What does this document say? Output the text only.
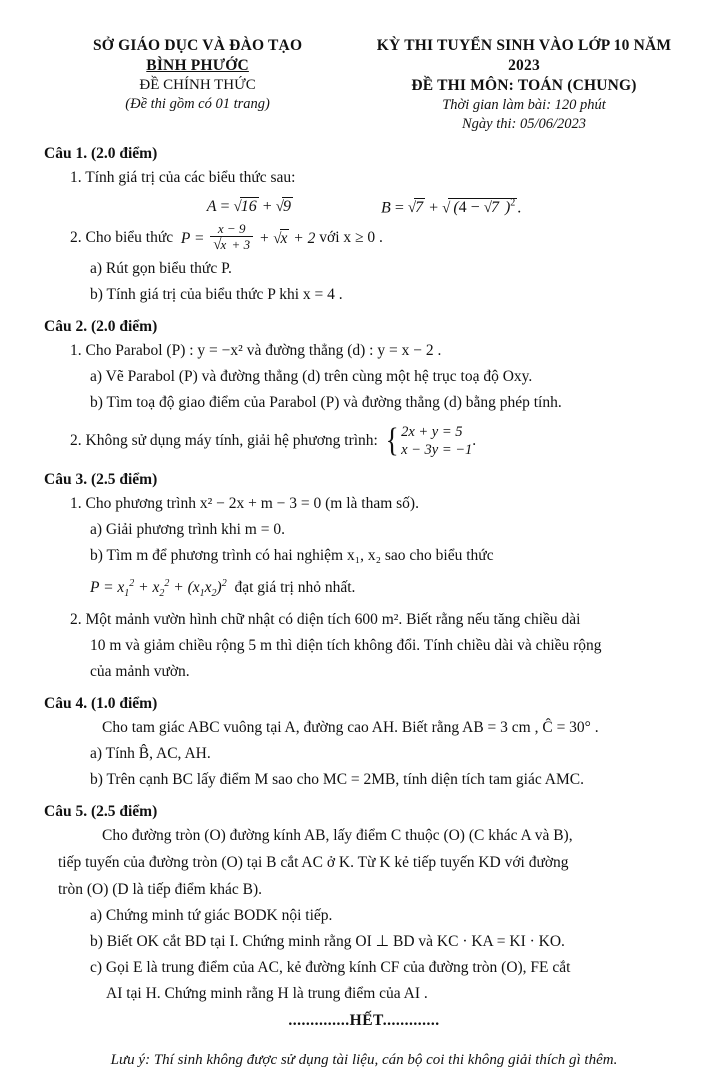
SỞ GIÁO DỤC VÀ ĐÀO TẠO
BÌNH PHƯỚC
ĐỀ CHÍNH THỨC
(Đề thi gồm có 01 trang)
KỲ THI TUYỂN SINH VÀO LỚP 10 NĂM 2023
ĐỀ THI MÔN: TOÁN (CHUNG)
Thời gian làm bài: 120 phút
Ngày thi: 05/06/2023
Câu 1. (2.0 điểm)
1. Tính giá trị của các biểu thức sau:
A = √16 + √9	B = √7 + √ (4 − √7 )$^2$ .
2. Cho biểu thức  $P = \frac{x - 9}{√x + 3} + √x + 2$ với x ≥ 0 .
a) Rút gọn biểu thức P.
b) Tính giá trị của biểu thức P khi x = 4 .
Câu 2. (2.0 điểm)
1. Cho Parabol (P) : y = −x² và đường thẳng (d) : y = x − 2 .
a) Vẽ Parabol (P) và đường thẳng (d) trên cùng một hệ trục toạ độ Oxy.
b) Tìm toạ độ giao điểm của Parabol (P) và đường thẳng (d) bằng phép tính.
2. Không sử dụng máy tính, giải hệ phương trình: { 2x + y = 5
x − 3y = −1
.
Câu 3. (2.5 điểm)
1. Cho phương trình x² − 2x + m − 3 = 0 (m là tham số).
a) Giải phương trình khi m = 0.
b) Tìm m để phương trình có hai nghiệm x₁, x₂ sao cho biểu thức
$P = x_1^2 + x_2^2 + (x_1x_2)^2$  đạt giá trị nhỏ nhất.
2. Một mảnh vườn hình chữ nhật có diện tích 600 m². Biết rằng nếu tăng chiều dài
10 m và giảm chiều rộng 5 m thì diện tích không đổi. Tính chiều dài và chiều rộng
của mảnh vườn.
Câu 4. (1.0 điểm)
Cho tam giác ABC vuông tại A, đường cao AH. Biết rằng AB = 3 cm , Ĉ = 30° .
a) Tính B̂, AC, AH.
b) Trên cạnh BC lấy điểm M sao cho MC = 2MB, tính diện tích tam giác AMC.
Câu 5. (2.5 điểm)
Cho đường tròn (O) đường kính AB, lấy điểm C thuộc (O) (C khác A và B),
tiếp tuyến của đường tròn (O) tại B cắt AC ở K. Từ K kẻ tiếp tuyến KD với đường
tròn (O) (D là tiếp điểm khác B).
a) Chứng minh tứ giác BODK nội tiếp.
b) Biết OK cắt BD tại I. Chứng minh rằng OI ⊥ BD và KC · KA = KI · KO.
c) Gọi E là trung điểm của AC, kẻ đường kính CF của đường tròn (O), FE cắt
AI tại H. Chứng minh rằng H là trung điểm của AI .
..............HẾT.............
Lưu ý: Thí sinh không được sử dụng tài liệu, cán bộ coi thi không giải thích gì thêm.
